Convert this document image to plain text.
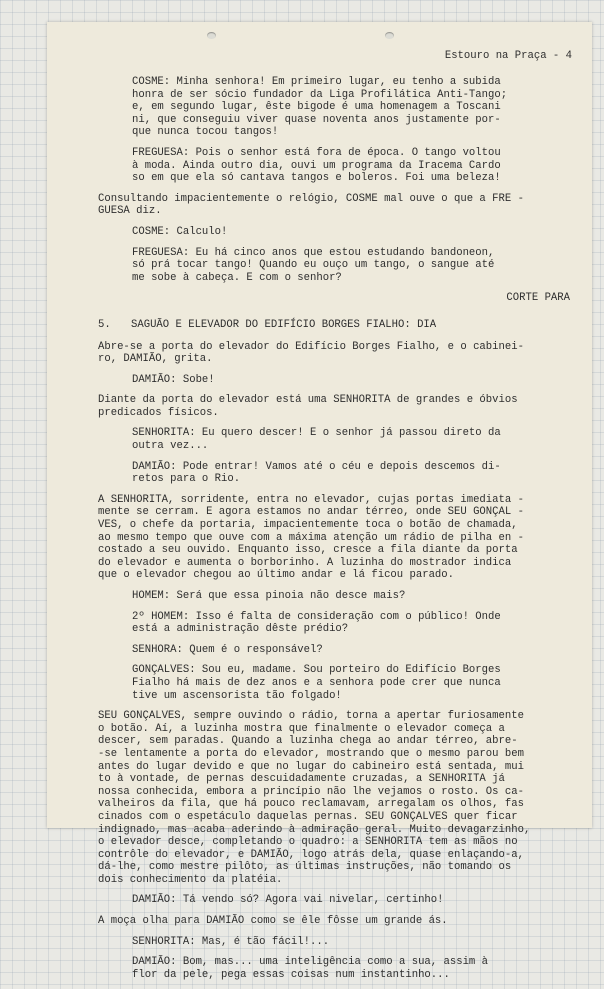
Estouro na Praça - 4
COSME: Minha senhora! Em primeiro lugar, eu tenho a subida
honra de ser sócio fundador da Liga Profilática Anti-Tango;
e, em segundo lugar, êste bigode é uma homenagem a Toscani
ni, que conseguiu viver quase noventa anos justamente por-
que nunca tocou tangos!
FREGUESA: Pois o senhor está fora de época. O tango voltou
à moda. Ainda outro dia, ouvi um programa da Iracema Cardo
so em que ela só cantava tangos e boleros. Foi uma beleza!
Consultando impacientemente o relógio, COSME mal ouve o que a FRE -
GUESA diz.
COSME: Calculo!
FREGUESA: Eu há cinco anos que estou estudando bandoneon,
só prá tocar tango! Quando eu ouço um tango, o sangue até
me sobe à cabeça. E com o senhor?
CORTE PARA
5. SAGUÃO E ELEVADOR DO EDIFÍCIO BORGES FIALHO: DIA
Abre-se a porta do elevador do Edifício Borges Fialho, e o cabinei-
ro, DAMIÃO, grita.
DAMIÃO: Sobe!
Diante da porta do elevador está uma SENHORITA de grandes e óbvios
predicados físicos.
SENHORITA: Eu quero descer! E o senhor já passou direto da
outra vez...
DAMIÃO: Pode entrar! Vamos até o céu e depois descemos di-
retos para o Rio.
A SENHORITA, sorridente, entra no elevador, cujas portas imediata -
mente se cerram. E agora estamos no andar térreo, onde SEU GONÇAL -
VES, o chefe da portaria, impacientemente toca o botão de chamada,
ao mesmo tempo que ouve com a máxima atenção um rádio de pilha en -
costado a seu ouvido. Enquanto isso, cresce a fila diante da porta
do elevador e aumenta o borborinho. A luzinha do mostrador indica
que o elevador chegou ao último andar e lá ficou parado.
HOMEM: Será que essa pinoia não desce mais?
2º HOMEM: Isso é falta de consideração com o público! Onde
está a administração dêste prédio?
SENHORA: Quem é o responsável?
GONÇALVES: Sou eu, madame. Sou porteiro do Edifício Borges
Fialho há mais de dez anos e a senhora pode crer que nunca
tive um ascensorista tão folgado!
SEU GONÇALVES, sempre ouvindo o rádio, torna a apertar furiosamente
o botão. Aí, a luzinha mostra que finalmente o elevador começa a
descer, sem paradas. Quando a luzinha chega ao andar térreo, abre-
-se lentamente a porta do elevador, mostrando que o mesmo parou bem
antes do lugar devido e que no lugar do cabineiro está sentada, mui
to à vontade, de pernas descuidadamente cruzadas, a SENHORITA já
nossa conhecida, embora a princípio não lhe vejamos o rosto. Os ca-
valheiros da fila, que há pouco reclamavam, arregalam os olhos, fas
cinados com o espetáculo daquelas pernas. SEU GONÇALVES quer ficar
indignado, mas acaba aderindo à admiração geral. Muito devagarzinho,
o elevador desce, completando o quadro: a SENHORITA tem as mãos no
contrôle do elevador, e DAMIÃO, logo atrás dela, quase enlaçando-a,
dá-lhe, como mestre pilôto, as últimas instruções, não tomando os
dois conhecimento da platéia.
DAMIÃO: Tá vendo só? Agora vai nivelar, certinho!
A moça olha para DAMIÃO como se êle fôsse um grande ás.
SENHORITA: Mas, é tão fácil!...
DAMIÃO: Bom, mas... uma inteligência como a sua, assim à
flor da pele, pega essas coisas num instantinho...
